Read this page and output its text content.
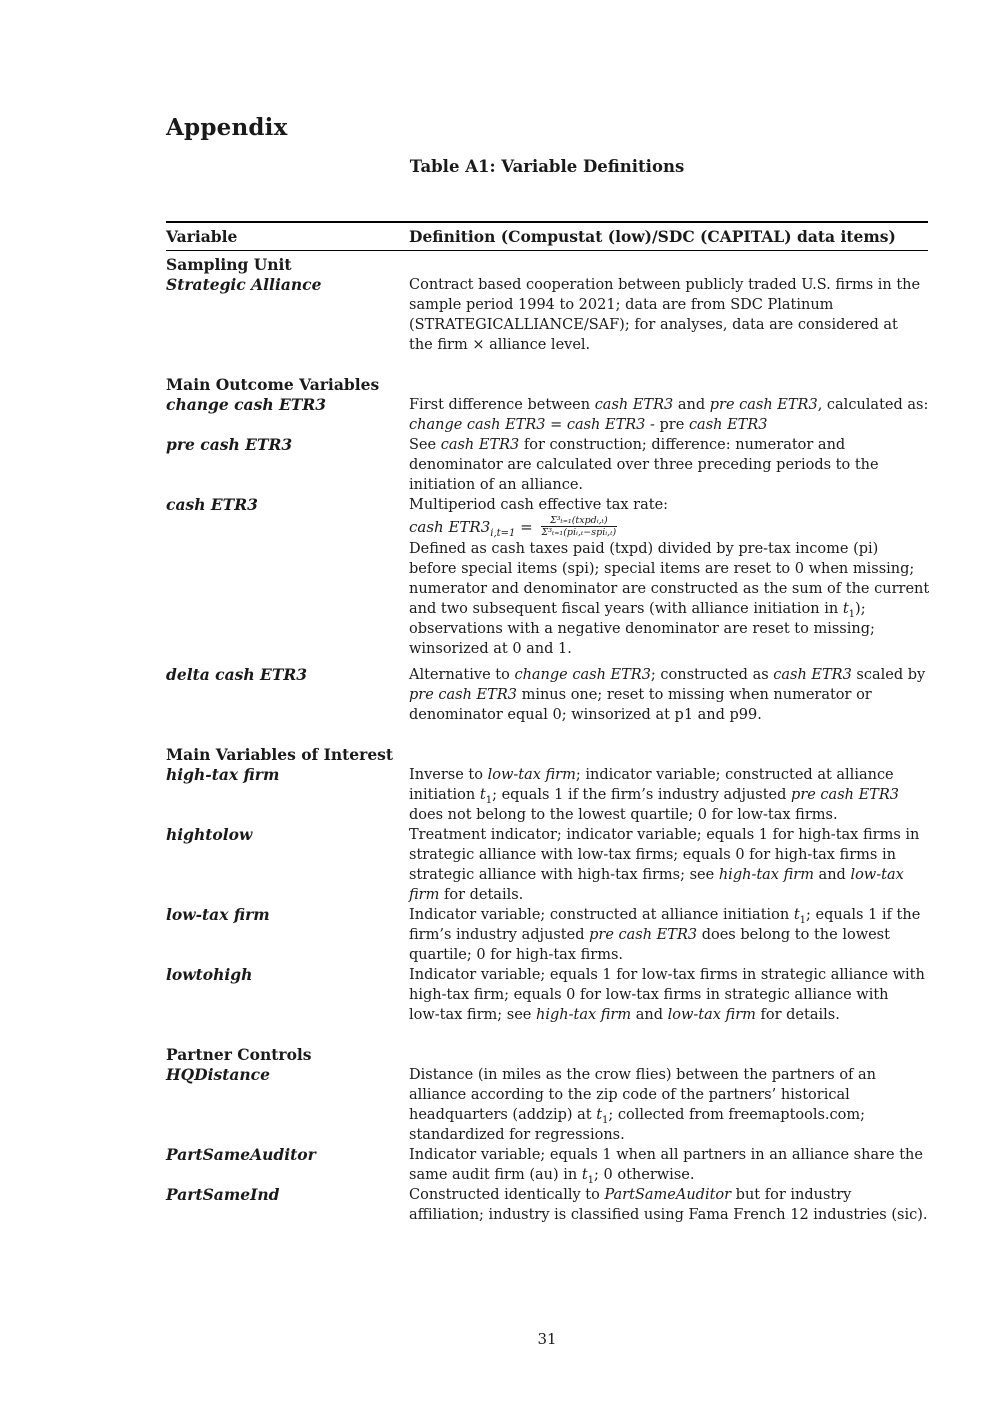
Appendix
Table A1: Variable Definitions
Variable	Definition (Compustat (low)/SDC (CAPITAL) data items)
Sampling Unit
Strategic Alliance	Contract based cooperation between publicly traded U.S. firms in the
sample period 1994 to 2021; data are from SDC Platinum
(STRATEGICALLIANCE/SAF); for analyses, data are considered at
the firm × alliance level.
Main Outcome Variables
change cash ETR3	First difference between cash ETR3 and pre cash ETR3, calculated as:
change cash ETR3 = cash ETR3 - pre cash ETR3
pre cash ETR3	See cash ETR3 for construction; difference: numerator and
denominator are calculated over three preceding periods to the
initiation of an alliance.
cash ETR3	Multiperiod cash effective tax rate:
cash $ETR3_{i,t=1} = \frac{\text{Σ³ₜ₌₁(txpdᵢ,ₜ)}}{\text{Σ³ₜ₌₁(piᵢ,ₜ−spiᵢ,ₜ)}}$
Defined as cash taxes paid (txpd) divided by pre-tax income (pi)
before special items (spi); special items are reset to 0 when missing;
numerator and denominator are constructed as the sum of the current
and two subsequent fiscal years (with alliance initiation in $t_1$);
observations with a negative denominator are reset to missing;
winsorized at 0 and 1.
delta cash ETR3	Alternative to change cash ETR3; constructed as cash ETR3 scaled by
pre cash ETR3 minus one; reset to missing when numerator or
denominator equal 0; winsorized at p1 and p99.
Main Variables of Interest
high-tax firm	Inverse to low-tax firm; indicator variable; constructed at alliance
initiation $t_1$; equals 1 if the firm’s industry adjusted pre cash ETR3
does not belong to the lowest quartile; 0 for low-tax firms.
hightolow	Treatment indicator; indicator variable; equals 1 for high-tax firms in
strategic alliance with low-tax firms; equals 0 for high-tax firms in
strategic alliance with high-tax firms; see high-tax firm and low-tax
firm for details.
low-tax firm	Indicator variable; constructed at alliance initiation $t_1$; equals 1 if the
firm’s industry adjusted pre cash ETR3 does belong to the lowest
quartile; 0 for high-tax firms.
lowtohigh	Indicator variable; equals 1 for low-tax firms in strategic alliance with
high-tax firm; equals 0 for low-tax firms in strategic alliance with
low-tax firm; see high-tax firm and low-tax firm for details.
Partner Controls
HQDistance	Distance (in miles as the crow flies) between the partners of an
alliance according to the zip code of the partners’ historical
headquarters (addzip) at $t_1$; collected from freemaptools.com;
standardized for regressions.
PartSameAuditor	Indicator variable; equals 1 when all partners in an alliance share the
same audit firm (au) in $t_1$; 0 otherwise.
PartSameInd	Constructed identically to PartSameAuditor but for industry
affiliation; industry is classified using Fama French 12 industries (sic).
31
